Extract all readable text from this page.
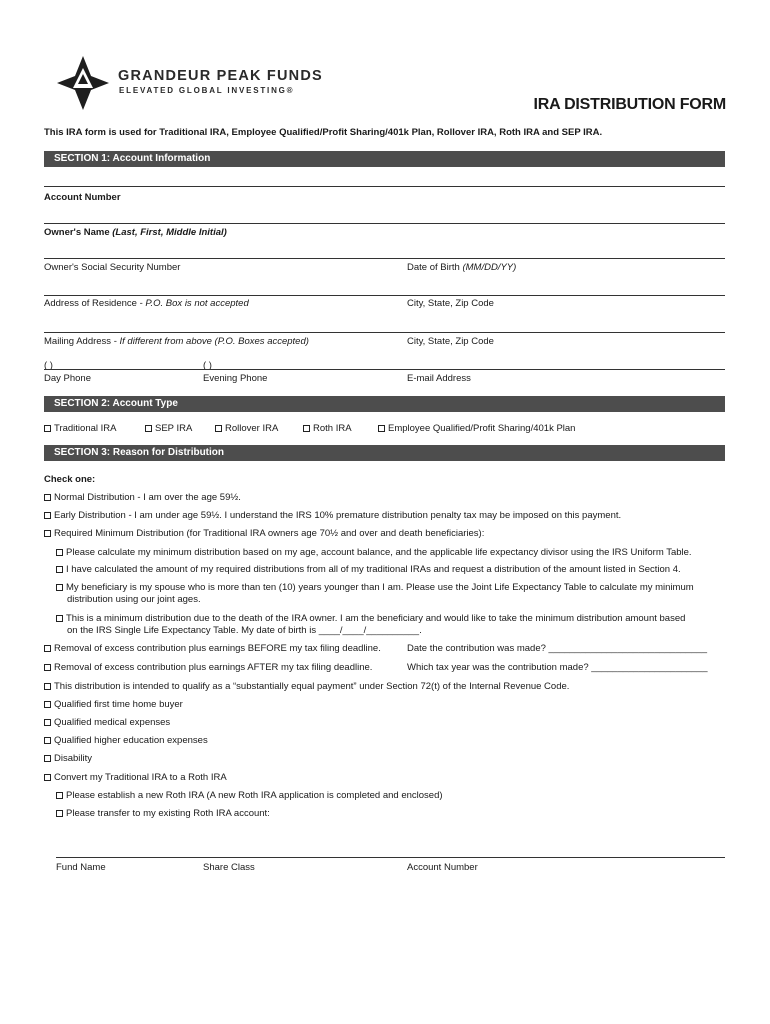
GRANDEUR PEAK FUNDS
ELEVATED GLOBAL INVESTING®
IRA DISTRIBUTION FORM
This IRA form is used for Traditional IRA, Employee Qualified/Profit Sharing/401k Plan, Rollover IRA, Roth IRA and SEP IRA.
SECTION 1: Account Information
Account Number
Owner's Name (Last, First, Middle Initial)
Owner's Social Security Number	Date of Birth (MM/DD/YY)
Address of Residence - P.O. Box is not accepted	City, State, Zip Code
Mailing Address - If different from above (P.O. Boxes accepted)	City, State, Zip Code
( )	( )
Day Phone	Evening Phone	E-mail Address
SECTION 2: Account Type
Traditional IRA	SEP IRA	Rollover IRA	Roth IRA	Employee Qualified/Profit Sharing/401k Plan
SECTION 3: Reason for Distribution
Check one:
Normal Distribution - I am over the age 59½.
Early Distribution - I am under age 59½. I understand the IRS 10% premature distribution penalty tax may be imposed on this payment.
Required Minimum Distribution (for Traditional IRA owners age 70½ and over and death beneficiaries):
Please calculate my minimum distribution based on my age, account balance, and the applicable life expectancy divisor using the IRS Uniform Table.
I have calculated the amount of my required distributions from all of my traditional IRAs and request a distribution of the amount listed in Section 4.
My beneficiary is my spouse who is more than ten (10) years younger than I am. Please use the Joint Life Expectancy Table to calculate my minimum
distribution using our joint ages.
This is a minimum distribution due to the death of the IRA owner. I am the beneficiary and would like to take the minimum distribution amount based
on the IRS Single Life Expectancy Table. My date of birth is ____/____/__________.
Removal of excess contribution plus earnings BEFORE my tax filing deadline.	Date the contribution was made? ______________________________
Removal of excess contribution plus earnings AFTER my tax filing deadline.	Which tax year was the contribution made? ______________________
This distribution is intended to qualify as a “substantially equal payment” under Section 72(t) of the Internal Revenue Code.
Qualified first time home buyer
Qualified medical expenses
Qualified higher education expenses
Disability
Convert my Traditional IRA to a Roth IRA
Please establish a new Roth IRA (A new Roth IRA application is completed and enclosed)
Please transfer to my existing Roth IRA account:
Fund Name	Share Class	Account Number
